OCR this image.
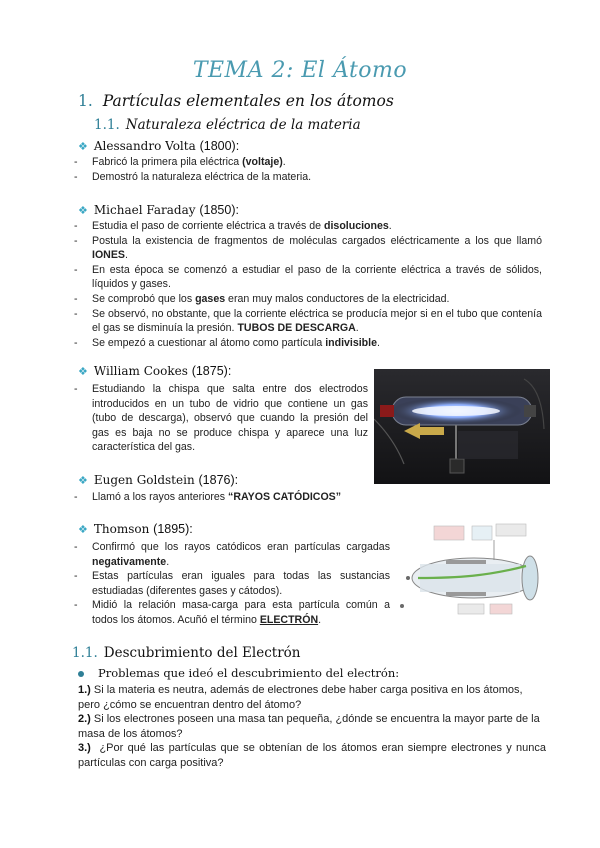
TEMA 2: El Átomo
1. Partículas elementales en los átomos
1.1. Naturaleza eléctrica de la materia
❖ Alessandro Volta (1800):
- Fabricó la primera pila eléctrica (voltaje).
- Demostró la naturaleza eléctrica de la materia.
❖ Michael Faraday (1850):
- Estudia el paso de corriente eléctrica a través de disoluciones.
- Postula la existencia de fragmentos de moléculas cargados eléctricamente a los que llamó IONES.
- En esta época se comenzó a estudiar el paso de la corriente eléctrica a través de sólidos, líquidos y gases.
- Se comprobó que los gases eran muy malos conductores de la electricidad.
- Se observó, no obstante, que la corriente eléctrica se producía mejor si en el tubo que contenía el gas se disminuía la presión. TUBOS DE DESCARGA.
- Se empezó a cuestionar al átomo como partícula indivisible.
❖ William Cookes (1875):
- Estudiando la chispa que salta entre dos electrodos introducidos en un tubo de vidrio que contiene un gas (tubo de descarga), observó que cuando la presión del gas es baja no se produce chispa y aparece una luz característica del gas.
❖ Eugen Goldstein (1876):
- Llamó a los rayos anteriores “RAYOS CATÓDICOS”
❖ Thomson (1895):
- Confirmó que los rayos catódicos eran partículas cargadas negativamente.
- Estas partículas eran iguales para todas las sustancias estudiadas (diferentes gases y cátodos).
- Midió la relación masa-carga para esta partícula común a todos los átomos. Acuñó el término ELECTRÓN.
1.1. Descubrimiento del Electrón
Problemas que ideó el descubrimiento del electrón:
1.) Si la materia es neutra, además de electrones debe haber carga positiva en los átomos, pero ¿cómo se encuentran dentro del átomo?
2.) Si los electrones poseen una masa tan pequeña, ¿dónde se encuentra la mayor parte de la masa de los átomos?
3.) ¿Por qué las partículas que se obtenían de los átomos eran siempre electrones y nunca partículas con carga positiva?
